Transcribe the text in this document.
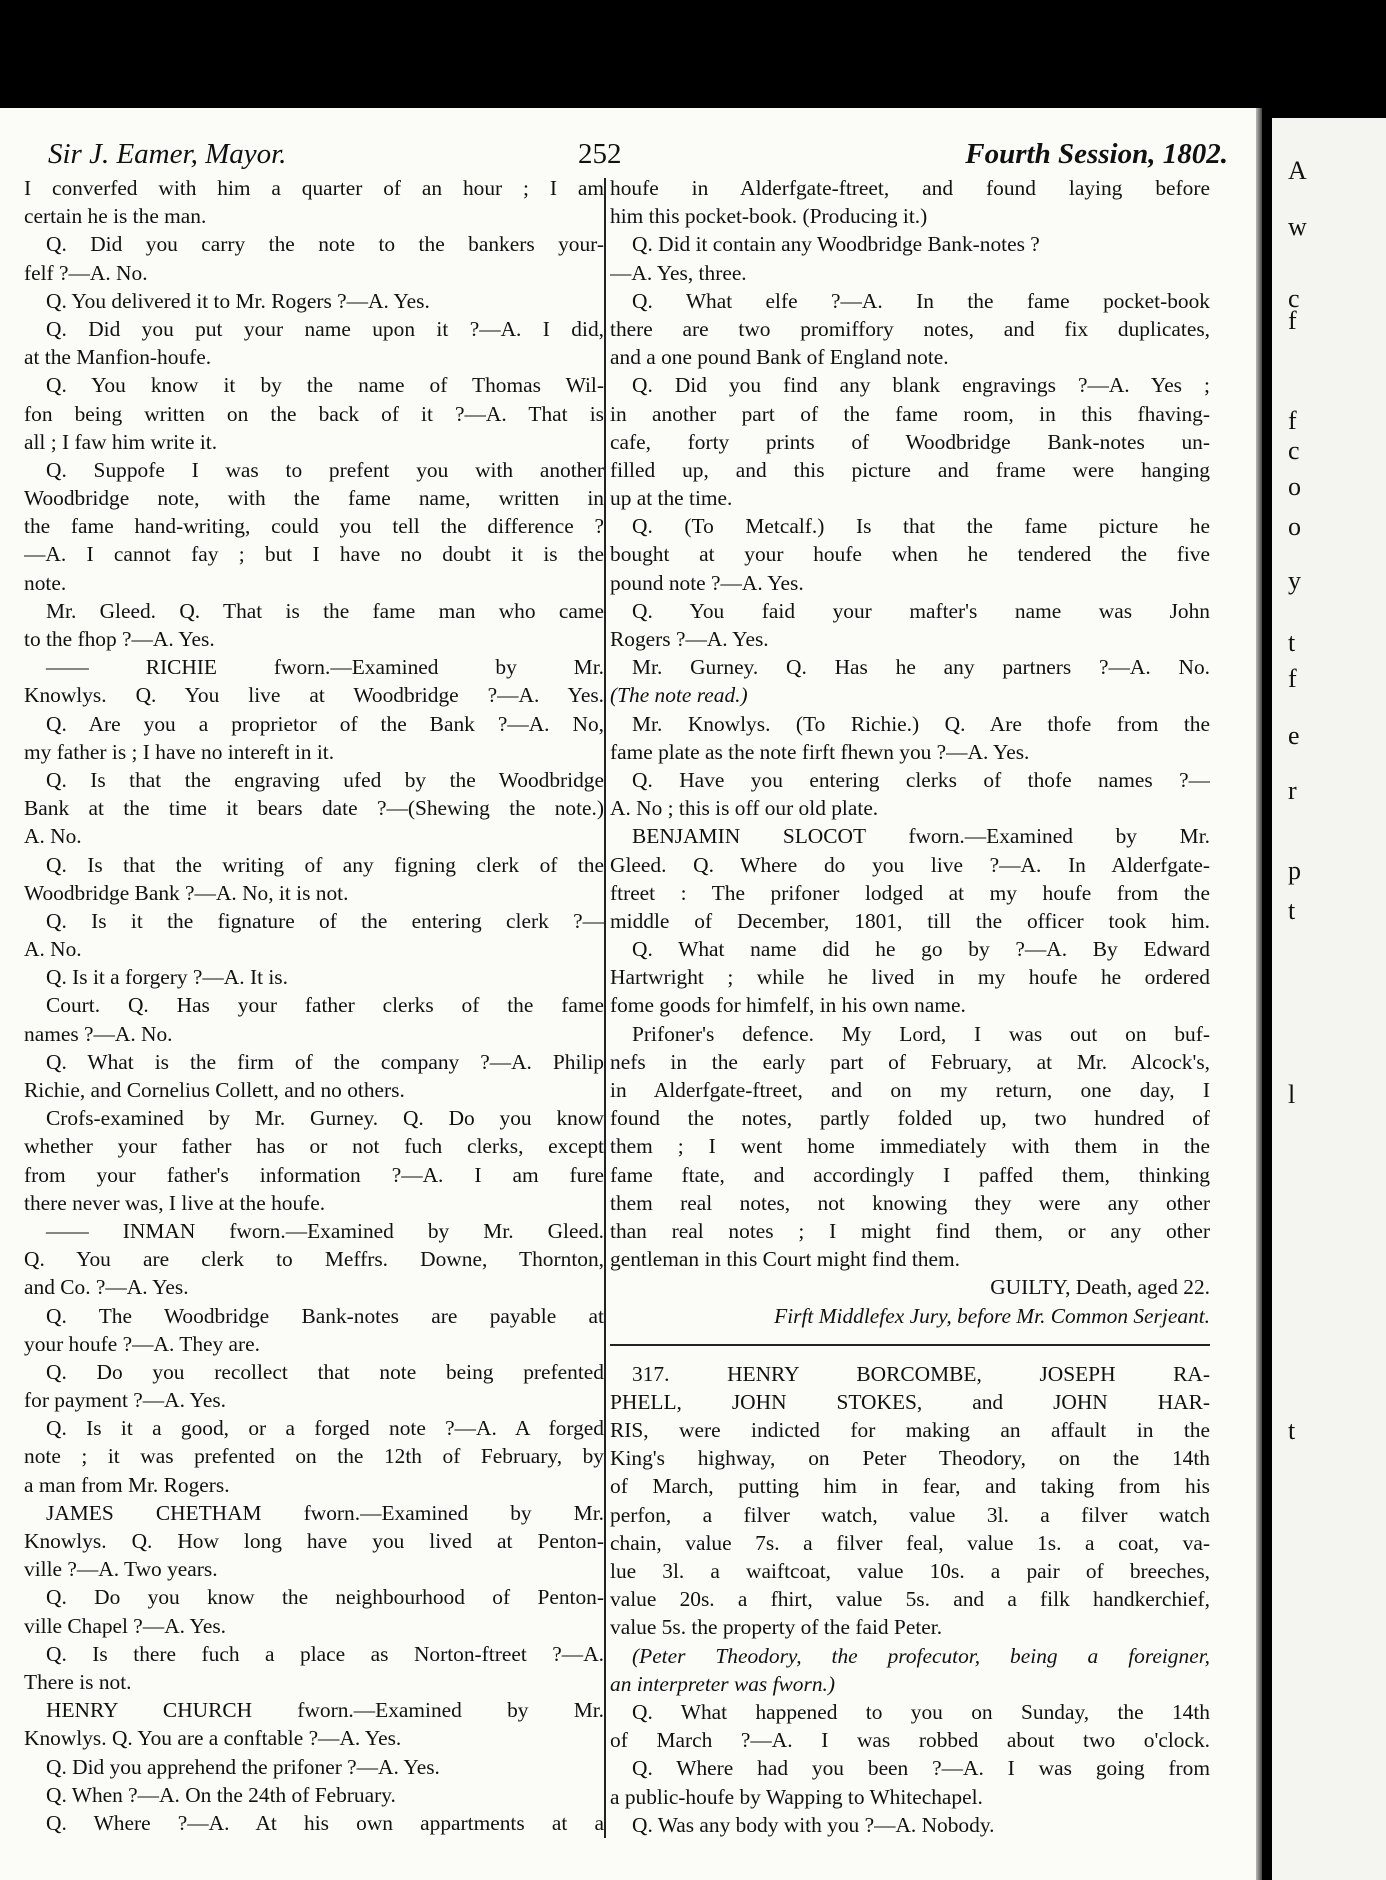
Sir J. Eamer, Mayor.	252	Fourth Session, 1802.
I converfed with him a quarter of an hour ; I am
certain he is the man.
Q. Did you carry the note to the bankers your-
felf ?—A. No.
Q. You delivered it to Mr. Rogers ?—A. Yes.
Q. Did you put your name upon it ?—A. I did,
at the Manfion-houfe.
Q. You know it by the name of Thomas Wil-
fon being written on the back of it ?—A. That is
all ; I faw him write it.
Q. Suppofe I was to prefent you with another
Woodbridge note, with the fame name, written in
the fame hand-writing, could you tell the difference ?
—A. I cannot fay ; but I have no doubt it is the
note.
Mr. Gleed. Q. That is the fame man who came
to the fhop ?—A. Yes.
—— RICHIE fworn.—Examined by Mr.
Knowlys. Q. You live at Woodbridge ?—A. Yes.
Q. Are you a proprietor of the Bank ?—A. No,
my father is ; I have no intereft in it.
Q. Is that the engraving ufed by the Woodbridge
Bank at the time it bears date ?—(Shewing the note.)
A. No.
Q. Is that the writing of any figning clerk of the
Woodbridge Bank ?—A. No, it is not.
Q. Is it the fignature of the entering clerk ?—
A. No.
Q. Is it a forgery ?—A. It is.
Court. Q. Has your father clerks of the fame
names ?—A. No.
Q. What is the firm of the company ?—A. Philip
Richie, and Cornelius Collett, and no others.
Crofs-examined by Mr. Gurney. Q. Do you know
whether your father has or not fuch clerks, except
from your father's information ?—A. I am fure
there never was, I live at the houfe.
—— INMAN fworn.—Examined by Mr. Gleed.
Q. You are clerk to Meffrs. Downe, Thornton,
and Co. ?—A. Yes.
Q. The Woodbridge Bank-notes are payable at
your houfe ?—A. They are.
Q. Do you recollect that note being prefented
for payment ?—A. Yes.
Q. Is it a good, or a forged note ?—A. A forged
note ; it was prefented on the 12th of February, by
a man from Mr. Rogers.
JAMES CHETHAM fworn.—Examined by Mr.
Knowlys. Q. How long have you lived at Penton-
ville ?—A. Two years.
Q. Do you know the neighbourhood of Penton-
ville Chapel ?—A. Yes.
Q. Is there fuch a place as Norton-ftreet ?—A.
There is not.
HENRY CHURCH fworn.—Examined by Mr.
Knowlys. Q. You are a conftable ?—A. Yes.
Q. Did you apprehend the prifoner ?—A. Yes.
Q. When ?—A. On the 24th of February.
Q. Where ?—A. At his own appartments at a
houfe in Alderfgate-ftreet, and found laying before
him this pocket-book. (Producing it.)
Q. Did it contain any Woodbridge Bank-notes ?
—A. Yes, three.
Q. What elfe ?—A. In the fame pocket-book
there are two promiffory notes, and fix duplicates,
and a one pound Bank of England note.
Q. Did you find any blank engravings ?—A. Yes ;
in another part of the fame room, in this fhaving-
cafe, forty prints of Woodbridge Bank-notes un-
filled up, and this picture and frame were hanging
up at the time.
Q. (To Metcalf.) Is that the fame picture he
bought at your houfe when he tendered the five
pound note ?—A. Yes.
Q. You faid your mafter's name was John
Rogers ?—A. Yes.
Mr. Gurney. Q. Has he any partners ?—A. No.
(The note read.)
Mr. Knowlys. (To Richie.) Q. Are thofe from the
fame plate as the note firft fhewn you ?—A. Yes.
Q. Have you entering clerks of thofe names ?—
A. No ; this is off our old plate.
BENJAMIN SLOCOT fworn.—Examined by Mr.
Gleed. Q. Where do you live ?—A. In Alderfgate-
ftreet : The prifoner lodged at my houfe from the
middle of December, 1801, till the officer took him.
Q. What name did he go by ?—A. By Edward
Hartwright ; while he lived in my houfe he ordered
fome goods for himfelf, in his own name.
Prifoner's defence. My Lord, I was out on buf-
nefs in the early part of February, at Mr. Alcock's,
in Alderfgate-ftreet, and on my return, one day, I
found the notes, partly folded up, two hundred of
them ; I went home immediately with them in the
fame ftate, and accordingly I paffed them, thinking
them real notes, not knowing they were any other
than real notes ; I might find them, or any other
gentleman in this Court might find them.
GUILTY, Death, aged 22.
Firft Middlefex Jury, before Mr. Common Serjeant.
317. HENRY BORCOMBE, JOSEPH RA-
PHELL, JOHN STOKES, and JOHN HAR-
RIS, were indicted for making an affault in the
King's highway, on Peter Theodory, on the 14th
of March, putting him in fear, and taking from his
perfon, a filver watch, value 3l. a filver watch
chain, value 7s. a filver feal, value 1s. a coat, va-
lue 3l. a waiftcoat, value 10s. a pair of breeches,
value 20s. a fhirt, value 5s. and a filk handkerchief,
value 5s. the property of the faid Peter.
(Peter Theodory, the profecutor, being a foreigner,
an interpreter was fworn.)
Q. What happened to you on Sunday, the 14th
of March ?—A. I was robbed about two o'clock.
Q. Where had you been ?—A. I was going from
a public-houfe by Wapping to Whitechapel.
Q. Was any body with you ?—A. Nobody.
A
w
c
f
f
c
o
o
y
t
f
e
r
p
t
l
t
